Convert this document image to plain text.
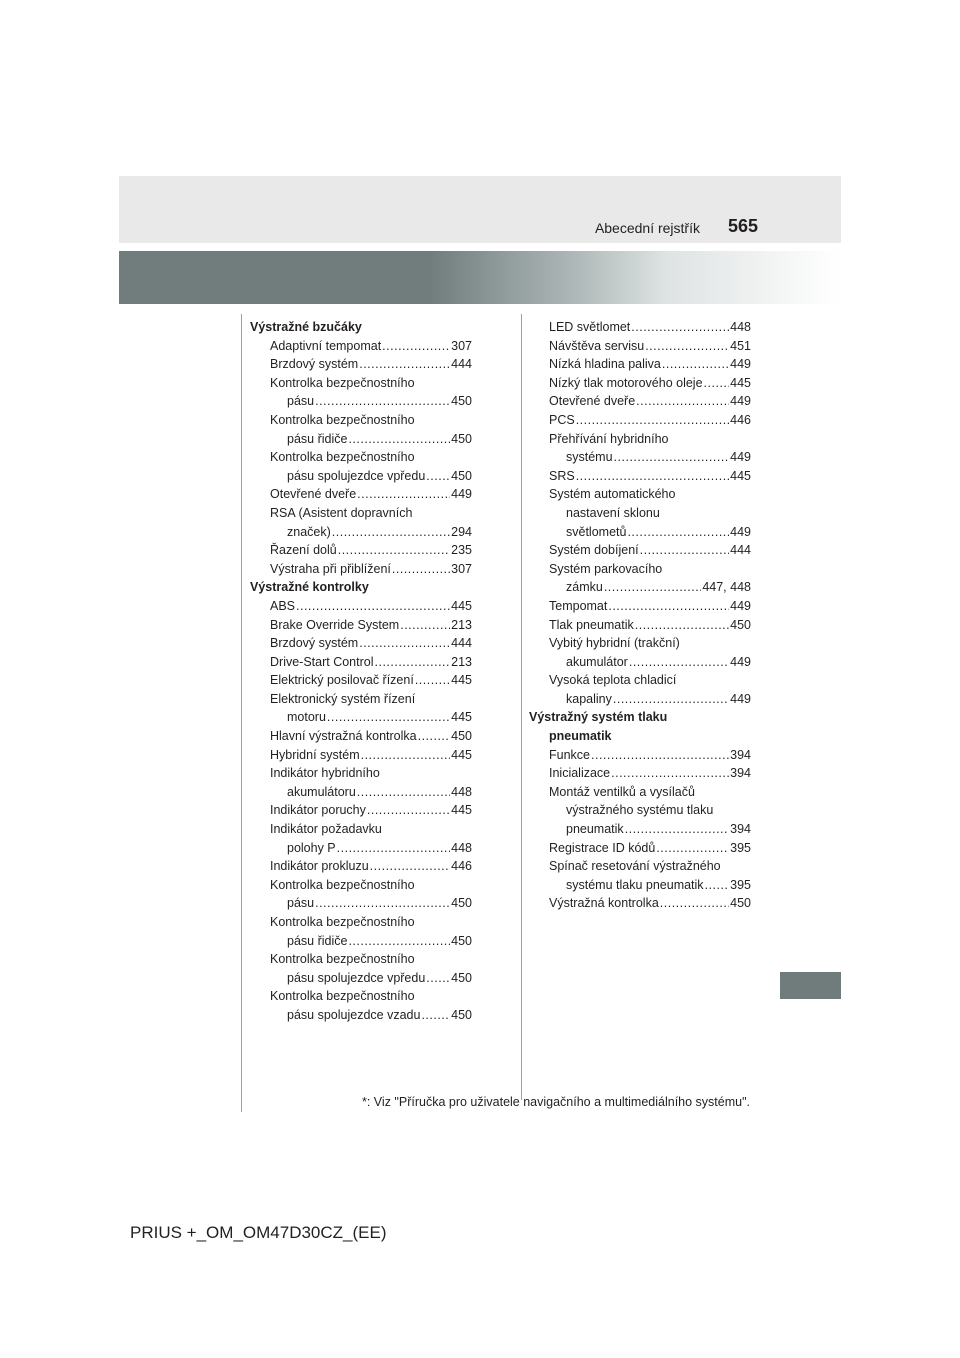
Abecední rejstřík	565
Výstražné bzučáky
Adaptivní tempomat .....	307
Brzdový systém .....	444
Kontrolka bezpečnostního
pásu .....	450
Kontrolka bezpečnostního
pásu řidiče .....	450
Kontrolka bezpečnostního
pásu spolujezdce vpředu ..... 450
Otevřené dveře .....	449
RSA (Asistent dopravních
značek) .....	294
Řazení dolů .....	235
Výstraha při přiblížení .....	307
Výstražné kontrolky
ABS .....	445
Brake Override System .....	213
Brzdový systém .....	444
Drive-Start Control .....	213
Elektrický posilovač řízení .....	445
Elektronický systém řízení
motoru .....	445
Hlavní výstražná kontrolka .....	450
Hybridní systém .....	445
Indikátor hybridního
akumulátoru .....	448
Indikátor poruchy .....	445
Indikátor požadavku
polohy P .....	448
Indikátor prokluzu .....	446
Kontrolka bezpečnostního
pásu .....	450
Kontrolka bezpečnostního
pásu řidiče .....	450
Kontrolka bezpečnostního
pásu spolujezdce vpředu ..... 450
Kontrolka bezpečnostního
pásu spolujezdce vzadu ..... 450
LED světlomet .....	448
Návštěva servisu .....	451
Nízká hladina paliva .....	449
Nízký tlak motorového oleje ..... 445
Otevřené dveře .....	449
PCS .....	446
Přehřívání hybridního
systému .....	449
SRS .....	445
Systém automatického
nastavení sklonu
světlometů .....	449
Systém dobíjení .....	444
Systém parkovacího
zámku .....	447, 448
Tempomat .....	449
Tlak pneumatik .....	450
Vybitý hybridní (trakční)
akumulátor .....	449
Vysoká teplota chladicí
kapaliny .....	449
Výstražný systém tlaku
pneumatik
Funkce .....	394
Inicializace .....	394
Montáž ventilků a vysílačů
výstražného systému tlaku
pneumatik .....	394
Registrace ID kódů .....	395
Spínač resetování výstražného
systému tlaku pneumatik ..... 395
Výstražná kontrolka .....	450
*: Viz "Příručka pro uživatele navigačního a multimediálního systému".
PRIUS +_OM_OM47D30CZ_(EE)
